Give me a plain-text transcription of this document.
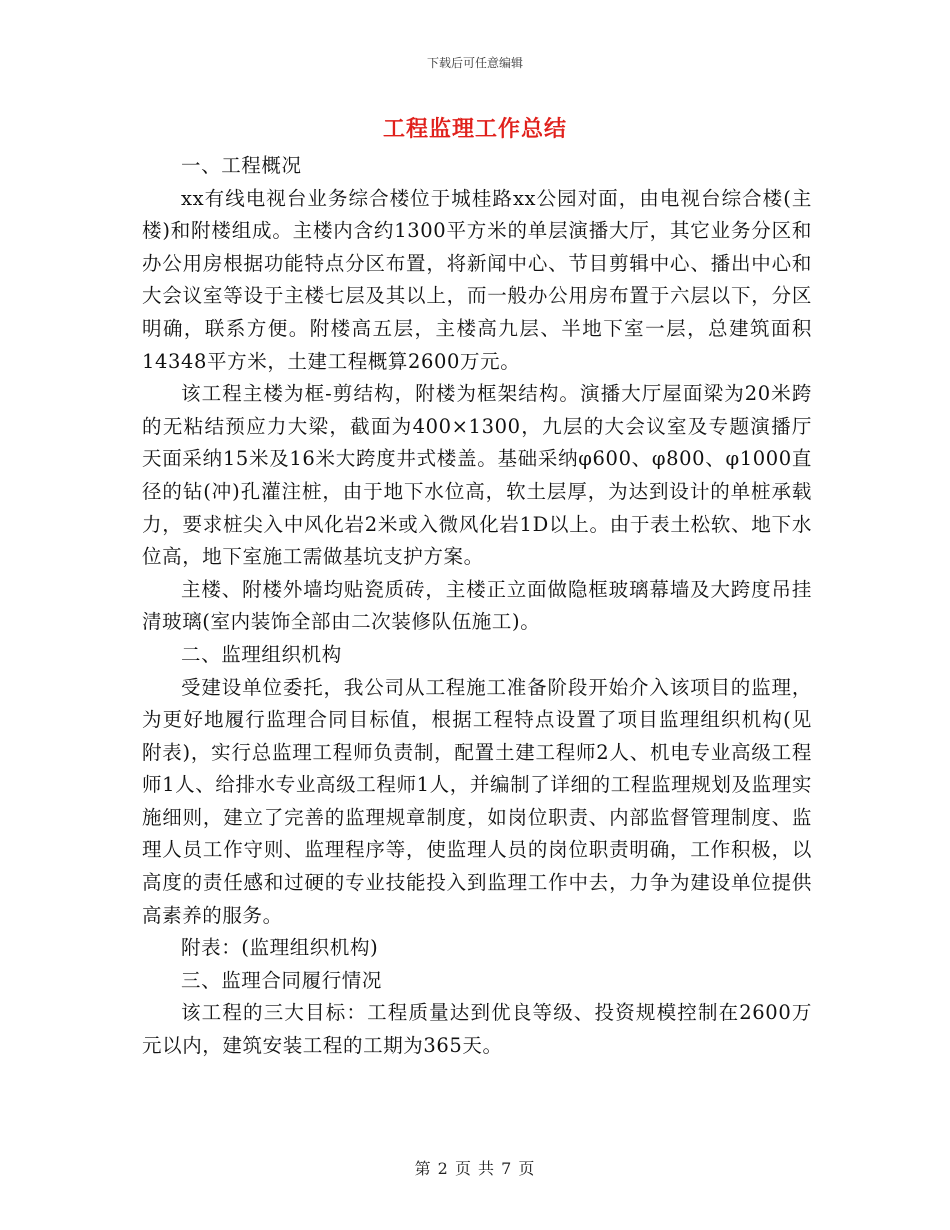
下载后可任意编辑
工程监理工作总结

一、工程概况

xx有线电视台业务综合楼位于城桂路xx公园对面，由电视台综合楼(主楼)和附楼组成。主楼内含约1300平方米的单层演播大厅，其它业务分区和办公用房根据功能特点分区布置，将新闻中心、节目剪辑中心、播出中心和大会议室等设于主楼七层及其以上，而一般办公用房布置于六层以下，分区明确，联系方便。附楼高五层，主楼高九层、半地下室一层，总建筑面积14348平方米，土建工程概算2600万元。

该工程主楼为框-剪结构，附楼为框架结构。演播大厅屋面梁为20米跨的无粘结预应力大梁，截面为400×1300，九层的大会议室及专题演播厅天面采纳15米及16米大跨度井式楼盖。基础采纳φ600、φ800、φ1000直径的钻(冲)孔灌注桩，由于地下水位高，软土层厚，为达到设计的单桩承载力，要求桩尖入中风化岩2米或入微风化岩1D以上。由于表土松软、地下水位高，地下室施工需做基坑支护方案。

主楼、附楼外墙均贴瓷质砖，主楼正立面做隐框玻璃幕墙及大跨度吊挂清玻璃(室内装饰全部由二次装修队伍施工)。

二、监理组织机构

受建设单位委托，我公司从工程施工准备阶段开始介入该项目的监理，为更好地履行监理合同目标值，根据工程特点设置了项目监理组织机构(见附表)，实行总监理工程师负责制，配置土建工程师2人、机电专业高级工程师1人、给排水专业高级工程师1人，并编制了详细的工程监理规划及监理实施细则，建立了完善的监理规章制度，如岗位职责、内部监督管理制度、监理人员工作守则、监理程序等，使监理人员的岗位职责明确，工作积极，以高度的责任感和过硬的专业技能投入到监理工作中去，力争为建设单位提供高素养的服务。

附表：(监理组织机构)

三、监理合同履行情况

该工程的三大目标：工程质量达到优良等级、投资规模控制在2600万元以内，建筑安装工程的工期为365天。

第 2 页 共 7 页
